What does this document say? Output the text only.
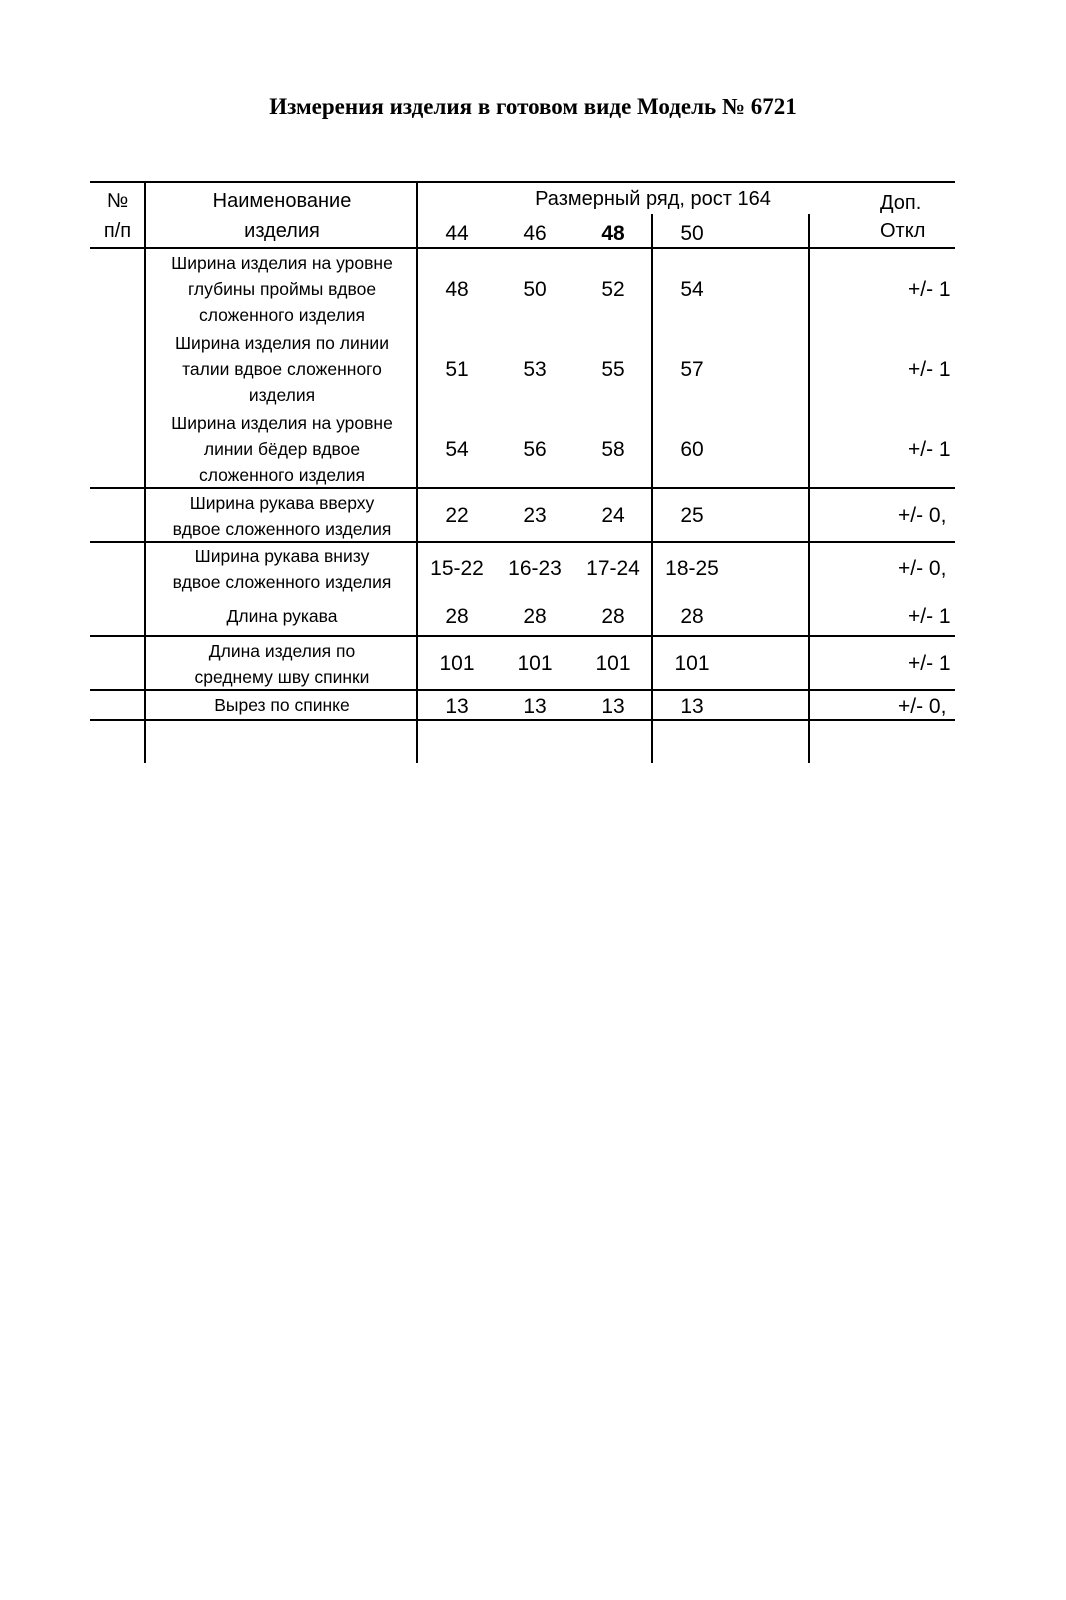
Измерения изделия в готовом виде Модель № 6721
№
п/п
Наименование
изделия
Размерный ряд, рост 164
44	46	48	50
Доп.
Откл
Ширина изделия на уровне
глубины проймы вдвое
сложенного изделия
48	50	52	54	+/- 1
Ширина изделия по линии
талии вдвое сложенного
изделия
51	53	55	57	+/- 1
Ширина изделия на уровне
линии бёдер вдвое
сложенного изделия
54	56	58	60	+/- 1
Ширина рукава вверху
вдвое сложенного изделия
22	23	24	25	+/- 0,
Ширина рукава внизу
вдвое сложенного изделия
15-22	16-23	17-24	18-25	+/- 0,
Длина рукава	28	28	28	28	+/- 1
Длина изделия по
среднему шву спинки
101	101	101	101	+/- 1
Вырез по спинке	13	13	13	13	+/- 0,
